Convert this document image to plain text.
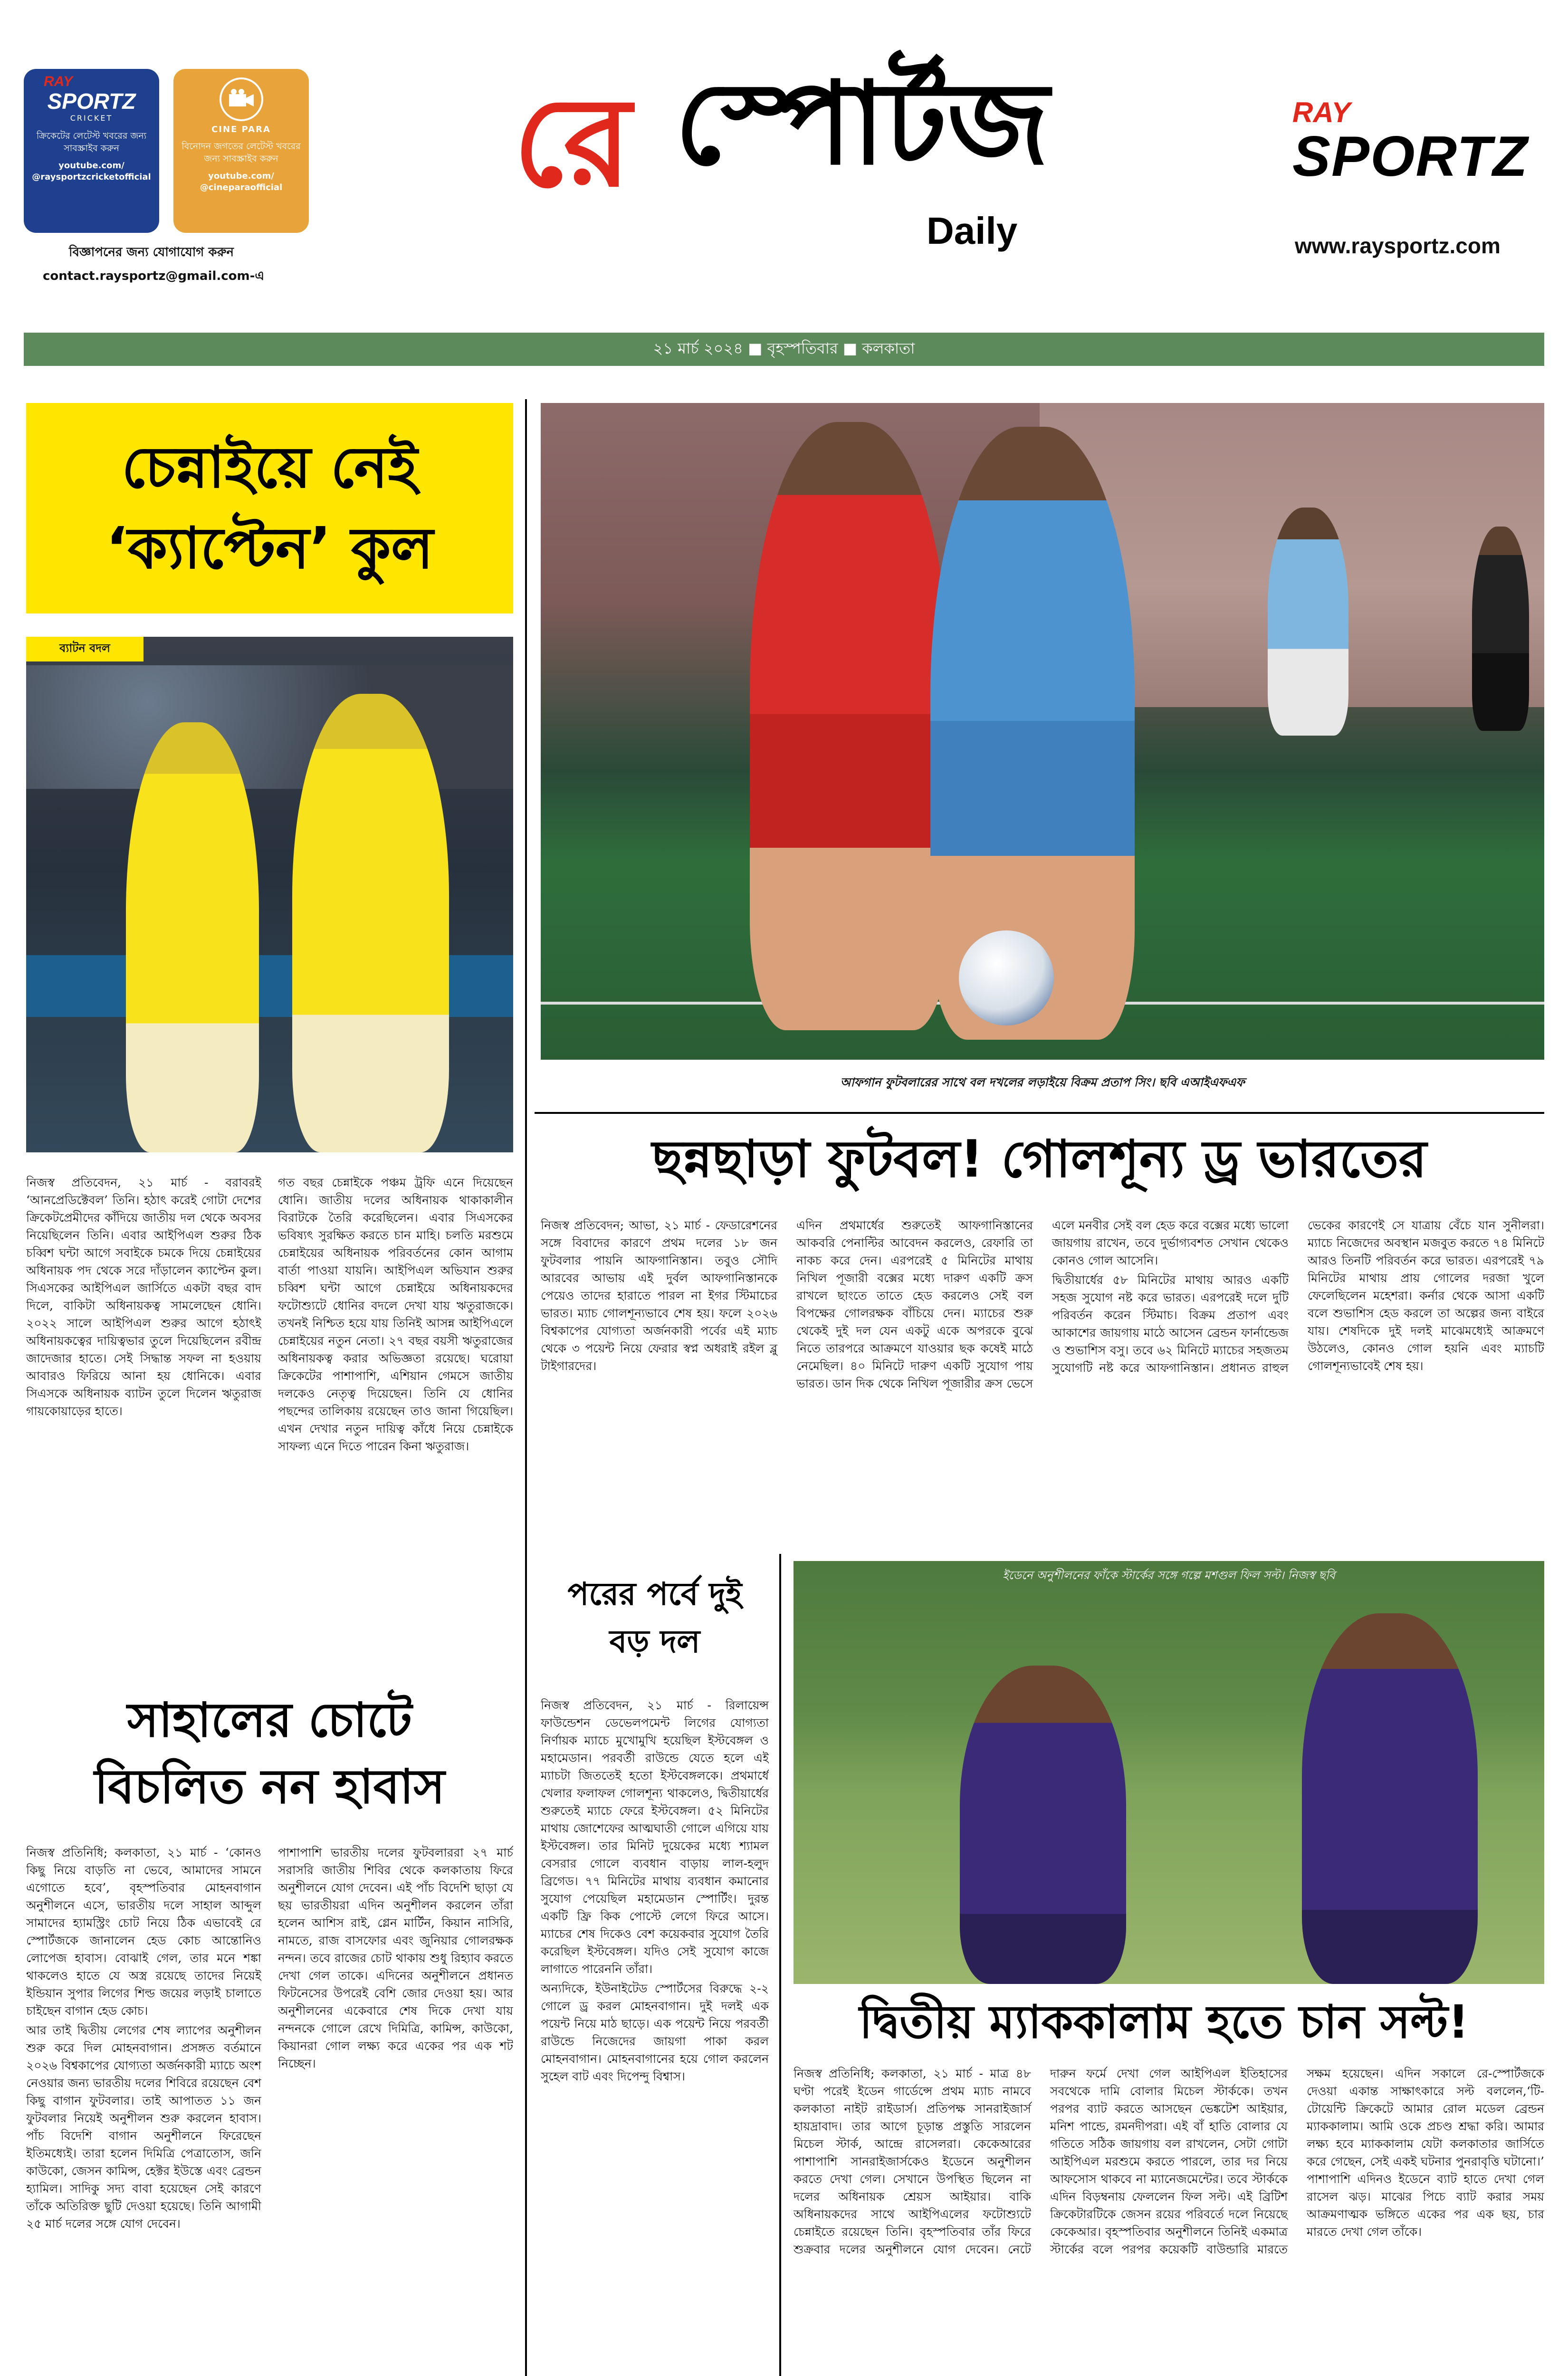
RAY
SPORTZ
CRICKET
ক্রিকেটের লেটেস্ট খবরের জন্য সাবস্ক্রাইব করুন
youtube.com/ @raysportzcricketofficial
CINE PARA
বিনোদন জগতের লেটেস্ট খবরের জন্য সাবস্ক্রাইব করুন
youtube.com/ @cineparaofficial
বিজ্ঞাপনের জন্য যোগাযোগ করুন
contact.raysportz@gmail.com-এ
রে স্পোর্টজ
Daily
RAY
SPORTZ
www.raysportz.com
২১ মার্চ ২০২৪ ■ বৃহস্পতিবার ■ কলকাতা
চেন্নাইয়ে নেই
‘ক্যাপ্টেন’ কুল
ব্যাটন বদল

নিজস্ব প্রতিবেদন, ২১ মার্চ - বরাবরই ‘আনপ্রেডিক্টেবল’ তিনি। হঠাৎ করেই গোটা দেশের ক্রিকেটপ্রেমীদের কাঁদিয়ে জাতীয় দল থেকে অবসর নিয়েছিলেন তিনি। এবার আইপিএল শুরুর ঠিক চব্বিশ ঘন্টা আগে সবাইকে চমকে দিয়ে চেন্নাইয়ের অধিনায়ক পদ থেকে সরে দাঁড়ালেন ক্যাপ্টেন কুল। সিএসকের আইপিএল জার্সিতে একটা বছর বাদ দিলে, বাকিটা অধিনায়কত্ব সামলেছেন ধোনি। ২০২২ সালে আইপিএল শুরুর আগে হঠাৎই অধিনায়কত্বের দায়িত্বভার তুলে দিয়েছিলেন রবীন্দ্র জাদেজার হাতে। সেই সিদ্ধান্ত সফল না হওয়ায় আবারও ফিরিয়ে আনা হয় ধোনিকে। এবার সিএসকে অধিনায়ক ব্যাটন তুলে দিলেন ঋতুরাজ গায়কোয়াড়ের হাতে।

গত বছর চেন্নাইকে পঞ্চম ট্রফি এনে দিয়েছেন ধোনি। জাতীয় দলের অধিনায়ক থাকাকালীন বিরাটকে তৈরি করেছিলেন। এবার সিএসকের ভবিষ্যৎ সুরক্ষিত করতে চান মাহি। চলতি মরশুমে চেন্নাইয়ের অধিনায়ক পরিবর্তনের কোন আগাম বার্তা পাওয়া যায়নি। আইপিএল অভিযান শুরুর চব্বিশ ঘন্টা আগে চেন্নাইয়ে অধিনায়কদের ফটোশ্যুটে ধোনির বদলে দেখা যায় ঋতুরাজকে। তখনই নিশ্চিত হয়ে যায় তিনিই আসন্ন আইপিএলে চেন্নাইয়ের নতুন নেতা। ২৭ বছর বয়সী ঋতুরাজের অধিনায়কত্ব করার অভিজ্ঞতা রয়েছে। ঘরোয়া ক্রিকেটের পাশাপাশি, এশিয়ান গেমসে জাতীয় দলকেও নেতৃত্ব দিয়েছেন। তিনি যে ধোনির পছন্দের তালিকায় রয়েছেন তাও জানা গিয়েছিল। এখন দেখার নতুন দায়িত্ব কাঁধে নিয়ে চেন্নাইকে সাফল্য এনে দিতে পারেন কিনা ঋতুরাজ।

সাহালের চোটে
বিচলিত নন হাবাস

নিজস্ব প্রতিনিধি; কলকাতা, ২১ মার্চ - ‘কোনও কিছু নিয়ে বাড়তি না ভেবে, আমাদের সামনে এগোতে হবে’, বৃহস্পতিবার মোহনবাগান অনুশীলনে এসে, ভারতীয় দলে সাহাল আব্দুল সামাদের হ্যামস্ট্রিং চোট নিয়ে ঠিক এভাবেই রে স্পোর্টজকে জানালেন হেড কোচ আন্তোনিও লোপেজ হাবাস। বোঝাই গেল, তার মনে শঙ্কা থাকলেও হাতে যে অস্ত্র রয়েছে তাদের নিয়েই ইন্ডিয়ান সুপার লিগের শিল্ড জয়ের লড়াই চালাতে চাইছেন বাগান হেড কোচ।

আর তাই দ্বিতীয় লেগের শেষ ল্যাপের অনুশীলন শুরু করে দিল মোহনবাগান। প্রসঙ্গত বর্তমানে ২০২৬ বিশ্বকাপের যোগ্যতা অর্জনকারী ম্যাচে অংশ নেওয়ার জন্য ভারতীয় দলের শিবিরে রয়েছেন বেশ কিছু বাগান ফুটবলার। তাই আপাতত ১১ জন ফুটবলার নিয়েই অনুশীলন শুরু করলেন হাবাস। পাঁচ বিদেশি বাগান অনুশীলনে ফিরেছেন ইতিমধ্যেই। তারা হলেন দিমিত্রি পেত্রাতোস, জনি কাউকো, জেসন কামিন্স, হেক্টর ইউস্তে এবং ব্রেন্ডন হ্যামিল। সাদিকু সদ্য বাবা হয়েছেন সেই কারণে তাঁকে অতিরিক্ত ছুটি দেওয়া হয়েছে। তিনি আগামী ২৫ মার্চ দলের সঙ্গে যোগ দেবেন।

পাশাপাশি ভারতীয় দলের ফুটবলাররা ২৭ মার্চ সরাসরি জাতীয় শিবির থেকে কলকাতায় ফিরে অনুশীলনে যোগ দেবেন। এই পাঁচ বিদেশি ছাড়া যে ছয় ভারতীয়রা এদিন অনুশীলন করলেন তাঁরা হলেন আশিস রাই, গ্লেন মার্টিন, কিয়ান নাসিরি, নামতে, রাজ বাসফোর এবং জুনিয়ার গোলরক্ষক নন্দন। তবে রাজের চোট থাকায় শুধু রিহ্যাব করতে দেখা গেল তাকে। এদিনের অনুশীলনে প্রধানত ফিটনেসের উপরেই বেশি জোর দেওয়া হয়। আর অনুশীলনের একেবারে শেষ দিকে দেখা যায় নন্দনকে গোলে রেখে দিমিত্রি, কামিন্স, কাউকো, কিয়ানরা গোল লক্ষ্য করে একের পর এক শট নিচ্ছেন।

আফগান ফুটবলারের সাথে বল দখলের লড়াইয়ে বিক্রম প্রতাপ সিং। ছবি এআইএফএফ
ছন্নছাড়া ফুটবল! গোলশূন্য ড্র ভারতের

নিজস্ব প্রতিবেদন; আভা, ২১ মার্চ - ফেডারেশনের সঙ্গে বিবাদের কারণে প্রথম দলের ১৮ জন ফুটবলার পায়নি আফগানিস্তান। তবুও সৌদি আরবের আভায় এই দুর্বল আফগানিস্তানকে পেয়েও তাদের হারাতে পারল না ইগর স্টিমাচের ভারত। ম্যাচ গোলশূন্যভাবে শেষ হয়। ফলে ২০২৬ বিশ্বকাপের যোগ্যতা অর্জনকারী পর্বের এই ম্যাচ থেকে ৩ পয়েন্ট নিয়ে ফেরার স্বপ্ন অধরাই রইল ব্লু টাইগারদের।

এদিন প্রথমার্ধের শুরুতেই আফগানিস্তানের আকবরি পেনাল্টির আবেদন করলেও, রেফারি তা নাকচ করে দেন। এরপরেই ৫ মিনিটের মাথায় নিখিল পূজারী বক্সের মধ্যে দারুণ একটি ক্রস রাখলে ছাংতে তাতে হেড করলেও সেই বল বিপক্ষের গোলরক্ষক বাঁচিয়ে দেন। ম্যাচের শুরু থেকেই দুই দল যেন একটু একে অপরকে বুঝে নিতে তারপরে আক্রমণে যাওয়ার ছক কষেই মাঠে নেমেছিল। ৪০ মিনিটে দারুণ একটি সুযোগ পায় ভারত। ডান দিক থেকে নিখিল পূজারীর ক্রস ভেসে এলে মনবীর সেই বল হেড করে বক্সের মধ্যে ভালো জায়গায় রাখেন, তবে দুর্ভাগ্যবশত সেখান থেকেও কোনও গোল আসেনি।

দ্বিতীয়ার্ধের ৫৮ মিনিটের মাথায় আরও একটি সহজ সুযোগ নষ্ট করে ভারত। এরপরেই দলে দুটি পরিবর্তন করেন স্টিমাচ। বিক্রম প্রতাপ এবং আকাশের জায়গায় মাঠে আসেন ব্রেন্ডন ফার্নান্ডেজ ও শুভাশিস বসু। তবে ৬২ মিনিটে ম্যাচের সহজতম সুযোগটি নষ্ট করে আফগানিস্তান। প্রধানত রাহুল ভেকের কারণেই সে যাত্রায় বেঁচে যান সুনীলরা। ম্যাচে নিজেদের অবস্থান মজবুত করতে ৭৪ মিনিটে আরও তিনটি পরিবর্তন করে ভারত। এরপরেই ৭৯ মিনিটের মাথায় প্রায় গোলের দরজা খুলে ফেলেছিলেন মহেশরা। কর্নার থেকে আসা একটি বলে শুভাশিস হেড করলে তা অল্পের জন্য বাইরে যায়। শেষদিকে দুই দলই মাঝেমধ্যেই আক্রমণে উঠলেও, কোনও গোল হয়নি এবং ম্যাচটি গোলশূন্যভাবেই শেষ হয়।

পরের পর্বে দুই
বড় দল

নিজস্ব প্রতিবেদন, ২১ মার্চ - রিলায়েন্স ফাউন্ডেশন ডেভেলপমেন্ট লিগের যোগ্যতা নির্ণায়ক ম্যাচে মুখোমুখি হয়েছিল ইস্টবেঙ্গল ও মহামেডান। পরবর্তী রাউন্ডে যেতে হলে এই ম্যাচটা জিততেই হতো ইস্টবেঙ্গলকে। প্রথমার্ধে খেলার ফলাফল গোলশূন্য থাকলেও, দ্বিতীয়ার্ধের শুরুতেই ম্যাচে ফেরে ইস্টবেঙ্গল। ৫২ মিনিটের মাথায় জোশেফের আত্মঘাতী গোলে এগিয়ে যায় ইস্টবেঙ্গল। তার মিনিট দুয়েকের মধ্যে শ্যামল বেসরার গোলে ব্যবধান বাড়ায় লাল-হলুদ ব্রিগেড। ৭৭ মিনিটের মাথায় ব্যবধান কমানোর সুযোগ পেয়েছিল মহামেডান স্পোর্টিং। দুরন্ত একটি ফ্রি কিক পোস্টে লেগে ফিরে আসে। ম্যাচের শেষ দিকেও বেশ কয়েকবার সুযোগ তৈরি করেছিল ইস্টবেঙ্গল। যদিও সেই সুযোগ কাজে লাগাতে পারেননি তাঁরা।

অন্যদিকে, ইউনাইটেড স্পোর্টসের বিরুদ্ধে ২-২ গোলে ড্র করল মোহনবাগান। দুই দলই এক পয়েন্ট নিয়ে মাঠ ছাড়ে। এক পয়েন্ট নিয়ে পরবর্তী রাউন্ডে নিজেদের জায়গা পাকা করল মোহনবাগান। মোহনবাগানের হয়ে গোল করলেন সুহেল বাট এবং দিপেন্দু বিশ্বাস।

ইডেনে অনুশীলনের ফাঁকে স্টার্কের সঙ্গে গল্পে মশগুল ফিল সল্ট। নিজস্ব ছবি
দ্বিতীয় ম্যাককালাম হতে চান সল্ট!

নিজস্ব প্রতিনিধি; কলকাতা, ২১ মার্চ - মাত্র ৪৮ ঘণ্টা পরেই ইডেন গার্ডেন্সে প্রথম ম্যাচ নামবে কলকাতা নাইট রাইডার্স। প্রতিপক্ষ সানরাইজার্স হায়দ্রাবাদ। তার আগে চূড়ান্ত প্রস্তুতি সারলেন মিচেল স্টার্ক, আন্দ্রে রাসেলরা। কেকেআরের পাশাপাশি সানরাইজার্সকেও ইডেনে অনুশীলন করতে দেখা গেল। সেখানে উপস্থিত ছিলেন না দলের অধিনায়ক শ্রেয়স আইয়ার। বাকি অধিনায়কদের সাথে আইপিএলের ফটোশ্যুটে চেন্নাইতে রয়েছেন তিনি। বৃহস্পতিবার তাঁর ফিরে শুক্রবার দলের অনুশীলনে যোগ দেবেন। নেটে দারুন ফর্মে দেখা গেল আইপিএল ইতিহাসের সবথেকে দামি বোলার মিচেল স্টার্ককে। তখন পরপর ব্যাট করতে আসছেন ভেঙ্কটেশ আইয়ার, মনিশ পান্ডে, রমনদীপরা। এই বাঁ হাতি বোলার যে গতিতে সঠিক জায়গায় বল রাখলেন, সেটা গোটা আইপিএল মরশুমে করতে পারলে, তার দর নিয়ে আফসোস থাকবে না ম্যানেজমেন্টের। তবে স্টার্ককে এদিন বিড়ম্বনায় ফেললেন ফিল সল্ট। এই ব্রিটিশ ক্রিকেটারটিকে জেসন রয়ের পরিবর্তে দলে নিয়েছে কেকেআর। বৃহস্পতিবার অনুশীলনে তিনিই একমাত্র স্টার্কের বলে পরপর কয়েকটি বাউন্ডারি মারতে সক্ষম হয়েছেন। এদিন সকালে রে-স্পোর্টজকে দেওয়া একান্ত সাক্ষাৎকারে সল্ট বললেন,‘টি-টোয়েন্টি ক্রিকেটে আমার রোল মডেল ব্রেন্ডন ম্যাককালাম। আমি ওকে প্রচণ্ড শ্রদ্ধা করি। আমার লক্ষ্য হবে ম্যাককালাম যেটা কলকাতার জার্সিতে করে গেছেন, সেই একই ঘটনার পুনরাবৃত্তি ঘটানো।’ পাশাপাশি এদিনও ইডেনে ব্যাট হাতে দেখা গেল রাসেল ঝড়। মাঝের পিচে ব্যাট করার সময় আক্রমণাত্মক ভঙ্গিতে একের পর এক ছয়, চার মারতে দেখা গেল তাঁকে।
